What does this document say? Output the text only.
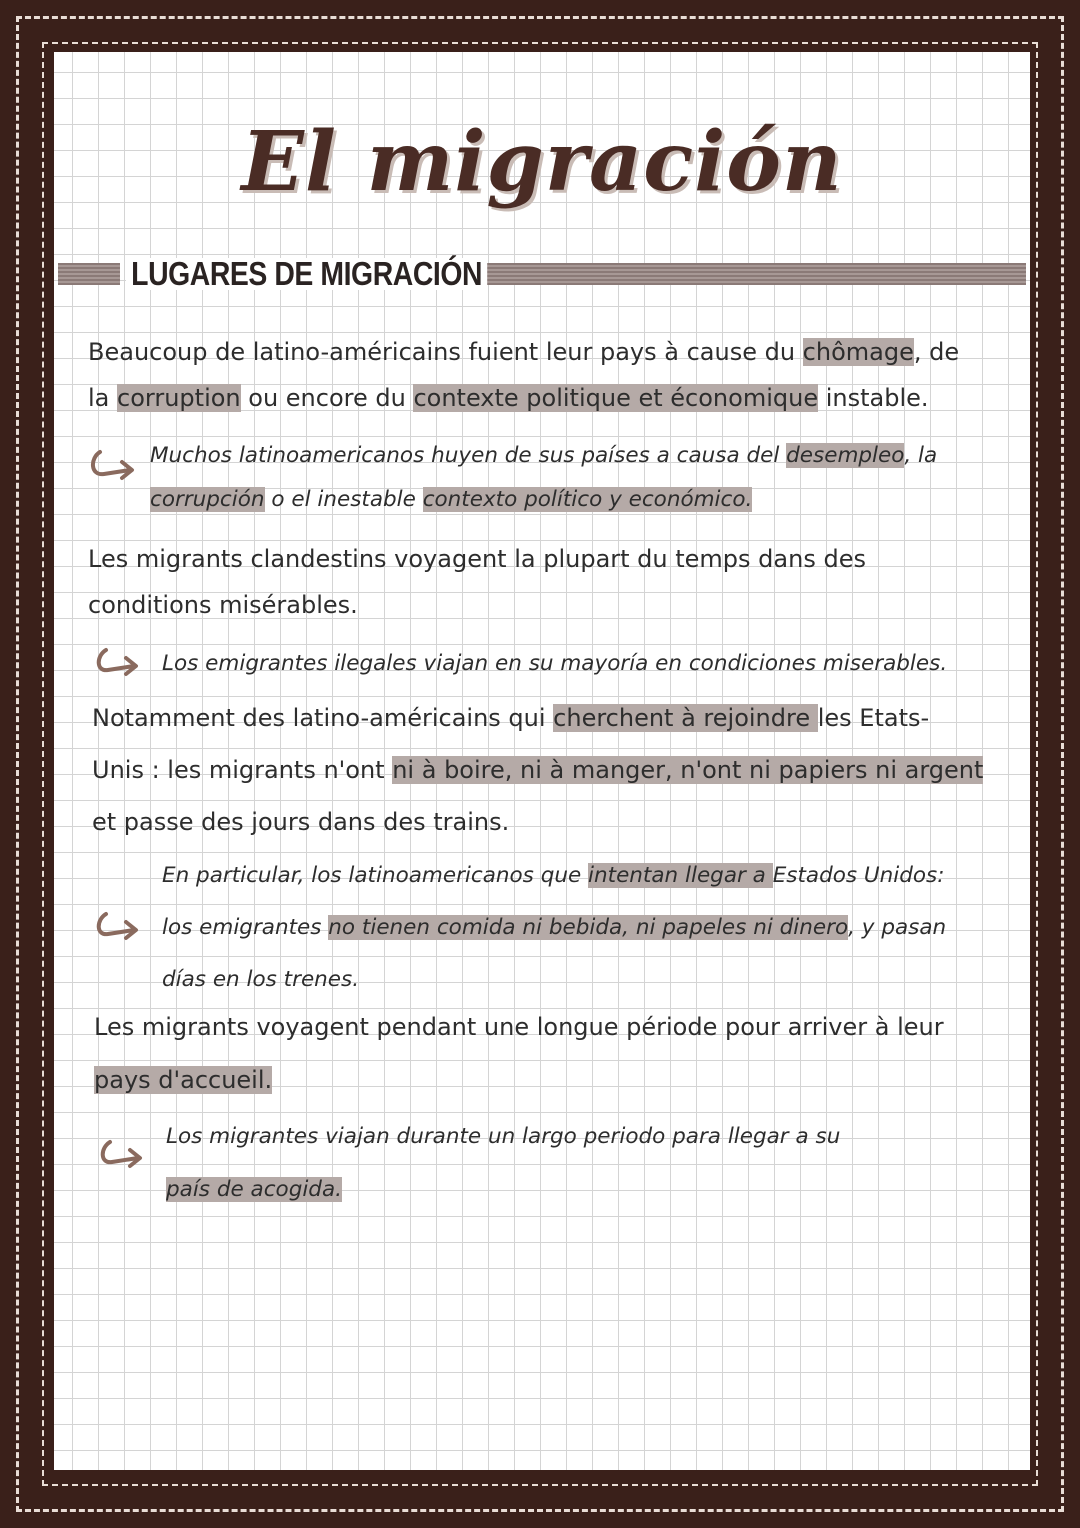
El migración
LUGARES DE MIGRACIÓN
Beaucoup de latino-américains fuient leur pays à cause du chômage, de
la corruption ou encore du contexte politique et économique instable.
Muchos latinoamericanos huyen de sus países a causa del desempleo, la
corrupción o el inestable contexto político y económico.
Les migrants clandestins voyagent la plupart du temps dans des
conditions misérables.
Los emigrantes ilegales viajan en su mayoría en condiciones miserables.
Notamment des latino-américains qui cherchent à rejoindre les Etats-
Unis : les migrants n'ont ni à boire, ni à manger, n'ont ni papiers ni argent
et passe des jours dans des trains.
En particular, los latinoamericanos que intentan llegar a Estados Unidos:
los emigrantes no tienen comida ni bebida, ni papeles ni dinero, y pasan
días en los trenes.
Les migrants voyagent pendant une longue période pour arriver à leur
pays d'accueil.
Los migrantes viajan durante un largo periodo para llegar a su
país de acogida.
